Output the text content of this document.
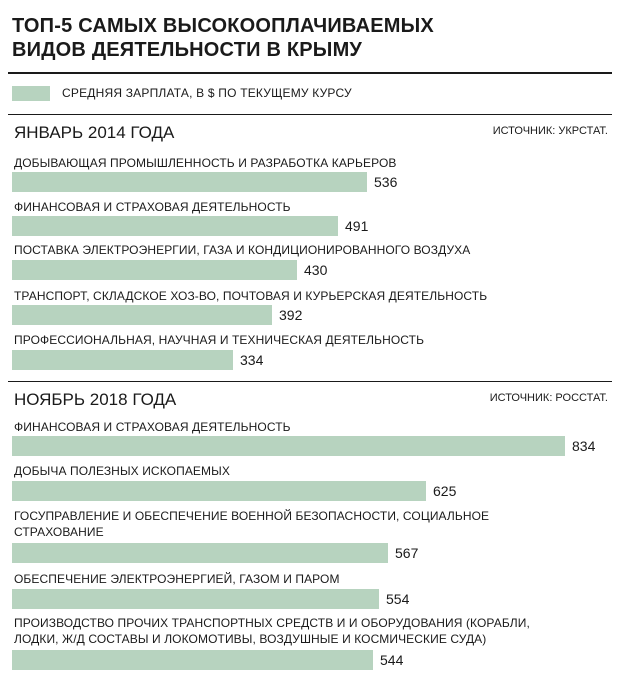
ТОП-5 САМЫХ ВЫСОКООПЛАЧИВАЕМЫХ
ВИДОВ ДЕЯТЕЛЬНОСТИ В КРЫМУ
СРЕДНЯЯ ЗАРПЛАТА, В $ ПО ТЕКУЩЕМУ КУРСУ
ЯНВАРЬ 2014 ГОДА	ИСТОЧНИК: УКРСТАТ.
НОЯБРЬ 2018 ГОДА	ИСТОЧНИК: РОССТАТ.

ДОБЫВАЮЩАЯ ПРОМЫШЛЕННОСТЬ И РАЗРАБОТКА КАРЬЕРОВ

536

ФИНАНСОВАЯ И СТРАХОВАЯ ДЕЯТЕЛЬНОСТЬ

491

ПОСТАВКА ЭЛЕКТРОЭНЕРГИИ, ГАЗА И КОНДИЦИОНИРОВАННОГО ВОЗДУХА

430

ТРАНСПОРТ, СКЛАДСКОЕ ХОЗ-ВО, ПОЧТОВАЯ И КУРЬЕРСКАЯ ДЕЯТЕЛЬНОСТЬ

392

ПРОФЕССИОНАЛЬНАЯ, НАУЧНАЯ И ТЕХНИЧЕСКАЯ ДЕЯТЕЛЬНОСТЬ

334

ФИНАНСОВАЯ И СТРАХОВАЯ ДЕЯТЕЛЬНОСТЬ

834

ДОБЫЧА ПОЛЕЗНЫХ ИСКОПАЕМЫХ

625

ГОСУПРАВЛЕНИЕ И ОБЕСПЕЧЕНИЕ ВОЕННОЙ БЕЗОПАСНОСТИ, СОЦИАЛЬНОЕ
СТРАХОВАНИЕ

567

ОБЕСПЕЧЕНИЕ ЭЛЕКТРОЭНЕРГИЕЙ, ГАЗОМ И ПАРОМ

554

ПРОИЗВОДСТВО ПРОЧИХ ТРАНСПОРТНЫХ СРЕДСТВ И И ОБОРУДОВАНИЯ (КОРАБЛИ,
ЛОДКИ, Ж/Д СОСТАВЫ И ЛОКОМОТИВЫ, ВОЗДУШНЫЕ И КОСМИЧЕСКИЕ СУДА)

544
